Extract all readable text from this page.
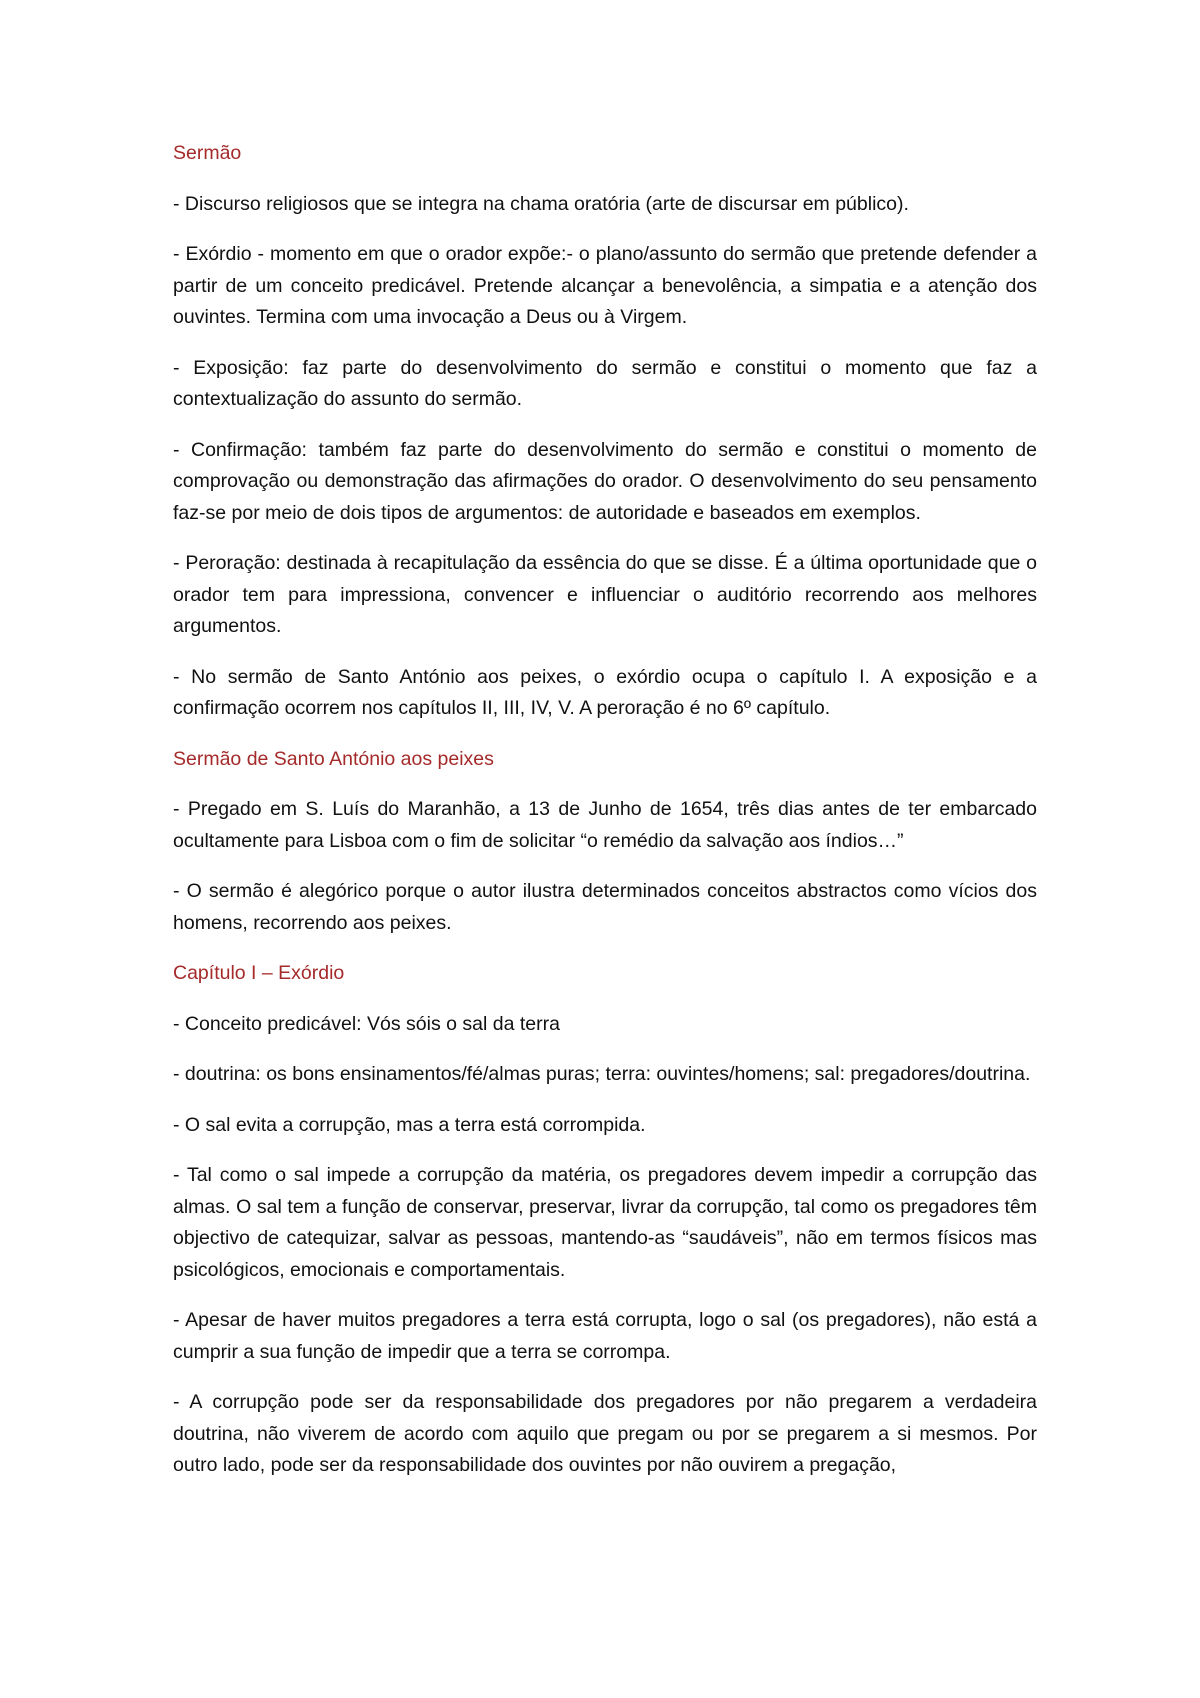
Sermão
- Discurso religiosos que se integra na chama oratória (arte de discursar em público).
- Exórdio - momento em que o orador expõe:- o plano/assunto do sermão que pretende defender a partir de um conceito predicável. Pretende alcançar a benevolência, a simpatia e a atenção dos ouvintes. Termina com uma invocação a Deus ou à Virgem.
- Exposição: faz parte do desenvolvimento do sermão e constitui o momento que faz a contextualização do assunto do sermão.
- Confirmação: também faz parte do desenvolvimento do sermão e constitui o momento de comprovação ou demonstração das afirmações do orador. O desenvolvimento do seu pensamento faz-se por meio de dois tipos de argumentos: de autoridade e baseados em exemplos.
- Peroração: destinada à recapitulação da essência do que se disse. É a última oportunidade que o orador tem para impressiona, convencer e influenciar o auditório recorrendo aos melhores argumentos.
- No sermão de Santo António aos peixes, o exórdio ocupa o capítulo I. A exposição e a confirmação ocorrem nos capítulos II, III, IV, V. A peroração é no 6º capítulo.
Sermão de Santo António aos peixes
- Pregado em S. Luís do Maranhão, a 13 de Junho de 1654, três dias antes de ter embarcado ocultamente para Lisboa com o fim de solicitar “o remédio da salvação aos índios…”
- O sermão é alegórico porque o autor ilustra determinados conceitos abstractos como vícios dos homens, recorrendo aos peixes.
Capítulo I – Exórdio
- Conceito predicável: Vós sóis o sal da terra
- doutrina: os bons ensinamentos/fé/almas puras; terra: ouvintes/homens; sal: pregadores/doutrina.
- O sal evita a corrupção, mas a terra está corrompida.
- Tal como o sal impede a corrupção da matéria, os pregadores devem impedir a corrupção das almas. O sal tem a função de conservar, preservar, livrar da corrupção, tal como os pregadores têm objectivo de catequizar, salvar as pessoas, mantendo-as “saudáveis”, não em termos físicos mas psicológicos, emocionais e comportamentais.
- Apesar de haver muitos pregadores a terra está corrupta, logo o sal (os pregadores), não está a cumprir a sua função de impedir que a terra se corrompa.
- A corrupção pode ser da responsabilidade dos pregadores por não pregarem a verdadeira doutrina, não viverem de acordo com aquilo que pregam ou por se pregarem a si mesmos. Por outro lado, pode ser da responsabilidade dos ouvintes por não ouvirem a pregação,
